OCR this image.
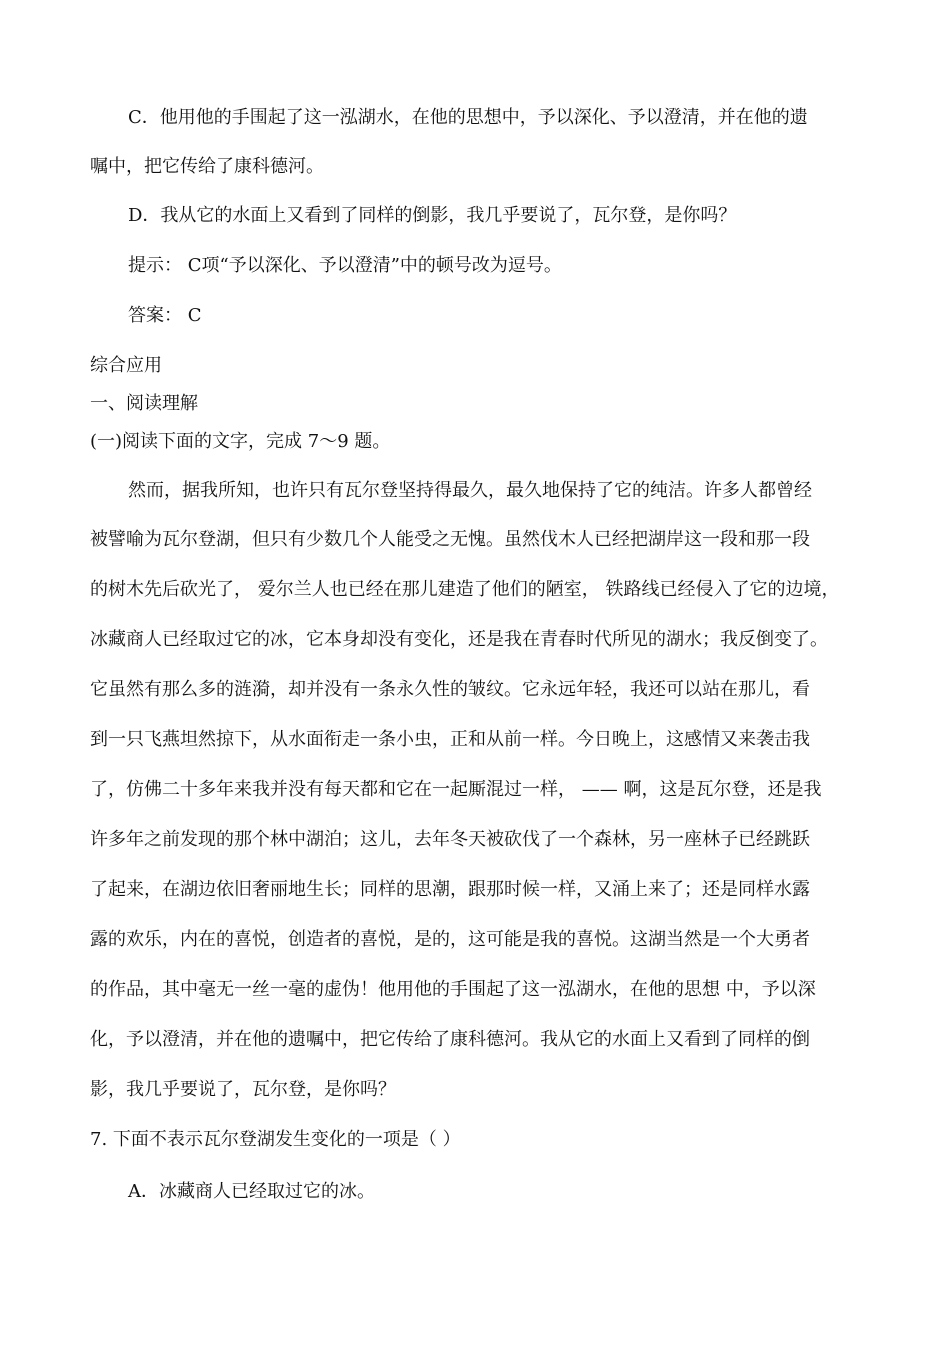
C．他用他的手围起了这一泓湖水，在他的思想中，予以深化、予以澄清，并在他的遗
嘱中，把它传给了康科德河。
D．我从它的水面上又看到了同样的倒影，我几乎要说了，瓦尔登，是你吗？
提示： C项“予以深化、予以澄清”中的顿号改为逗号。
答案： C
综合应用
一、阅读理解
(一)阅读下面的文字，完成 7～9 题。
然而，据我所知，也许只有瓦尔登坚持得最久，最久地保持了它的纯洁。许多人都曾经
被譬喻为瓦尔登湖，但只有少数几个人能受之无愧。虽然伐木人已经把湖岸这一段和那一段
的树木先后砍光了， 爱尔兰人也已经在那儿建造了他们的陋室， 铁路线已经侵入了它的边境，
冰藏商人已经取过它的冰，它本身却没有变化，还是我在青春时代所见的湖水；我反倒变了。
它虽然有那么多的涟漪，却并没有一条永久性的皱纹。它永远年轻，我还可以站在那儿，看
到一只飞燕坦然掠下，从水面衔走一条小虫，正和从前一样。今日晚上，这感情又来袭击我
了，仿佛二十多年来我并没有每天都和它在一起厮混过一样， —— 啊，这是瓦尔登，还是我
许多年之前发现的那个林中湖泊；这儿，去年冬天被砍伐了一个森林，另一座林子已经跳跃
了起来，在湖边依旧奢丽地生长；同样的思潮，跟那时候一样，又涌上来了；还是同样水露
露的欢乐，内在的喜悦，创造者的喜悦，是的，这可能是我的喜悦。这湖当然是一个大勇者
的作品，其中毫无一丝一毫的虚伪！他用他的手围起了这一泓湖水，在他的思想 中，予以深
化，予以澄清，并在他的遗嘱中，把它传给了康科德河。我从它的水面上又看到了同样的倒
影，我几乎要说了，瓦尔登，是你吗？
7. 下面不表示瓦尔登湖发生变化的一项是（ ）
A．冰藏商人已经取过它的冰。
